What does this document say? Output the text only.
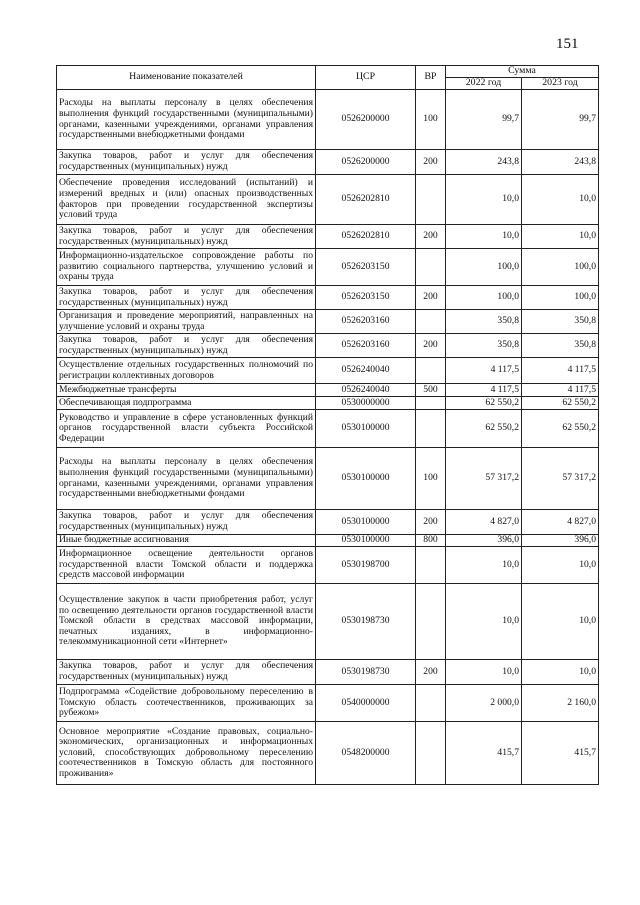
151
Наименование показателей	ЦСР	ВР	Сумма	
			2022 год	2023 год
Расходы на выплаты персоналу в целях обеспечения выполнения функций государственными (муниципальными) органами, казенными учреждениями, органами управления государственными внебюджетными фондами	0526200000	100	99,7	99,7
Закупка товаров, работ и услуг для обеспечения государственных (муниципальных) нужд	0526200000	200	243,8	243,8
Обеспечение проведения исследований (испытаний) и измерений вредных и (или) опасных производственных факторов при проведении государственной экспертизы условий труда	0526202810		10,0	10,0
Закупка товаров, работ и услуг для обеспечения государственных (муниципальных) нужд	0526202810	200	10,0	10,0
Информационно-издательское сопровождение работы по развитию социального партнерства, улучшению условий и охраны труда	0526203150		100,0	100,0
Закупка товаров, работ и услуг для обеспечения государственных (муниципальных) нужд	0526203150	200	100,0	100,0
Организация и проведение мероприятий, направленных на улучшение условий и охраны труда	0526203160		350,8	350,8
Закупка товаров, работ и услуг для обеспечения государственных (муниципальных) нужд	0526203160	200	350,8	350,8
Осуществление отдельных государственных полномочий по регистрации коллективных договоров	0526240040		4 117,5	4 117,5
Межбюджетные трансферты	0526240040	500	4 117,5	4 117,5
Обеспечивающая подпрограмма	0530000000		62 550,2	62 550,2
Руководство и управление в сфере установленных функций органов государственной власти субъекта Российской Федерации	0530100000		62 550,2	62 550,2
Расходы на выплаты персоналу в целях обеспечения выполнения функций государственными (муниципальными) органами, казенными учреждениями, органами управления государственными внебюджетными фондами	0530100000	100	57 317,2	57 317,2
Закупка товаров, работ и услуг для обеспечения государственных (муниципальных) нужд	0530100000	200	4 827,0	4 827,0
Иные бюджетные ассигнования	0530100000	800	396,0	396,0
Информационное освещение деятельности органов государственной власти Томской области и поддержка средств массовой информации	0530198700		10,0	10,0
Осуществление закупок в части приобретения работ, услуг по освещению деятельности органов государственной власти Томской области в средствах массовой информации, печатных изданиях, в информационно-телекоммуникационной сети «Интернет»	0530198730		10,0	10,0
Закупка товаров, работ и услуг для обеспечения государственных (муниципальных) нужд	0530198730	200	10,0	10,0
Подпрограмма «Содействие добровольному переселению в Томскую область соотечественников, проживающих за рубежом»	0540000000		2 000,0	2 160,0
Основное мероприятие «Создание правовых, социально-экономических, организационных и информационных условий, способствующих добровольному переселению соотечественников в Томскую область для постоянного проживания»	0548200000		415,7	415,7
